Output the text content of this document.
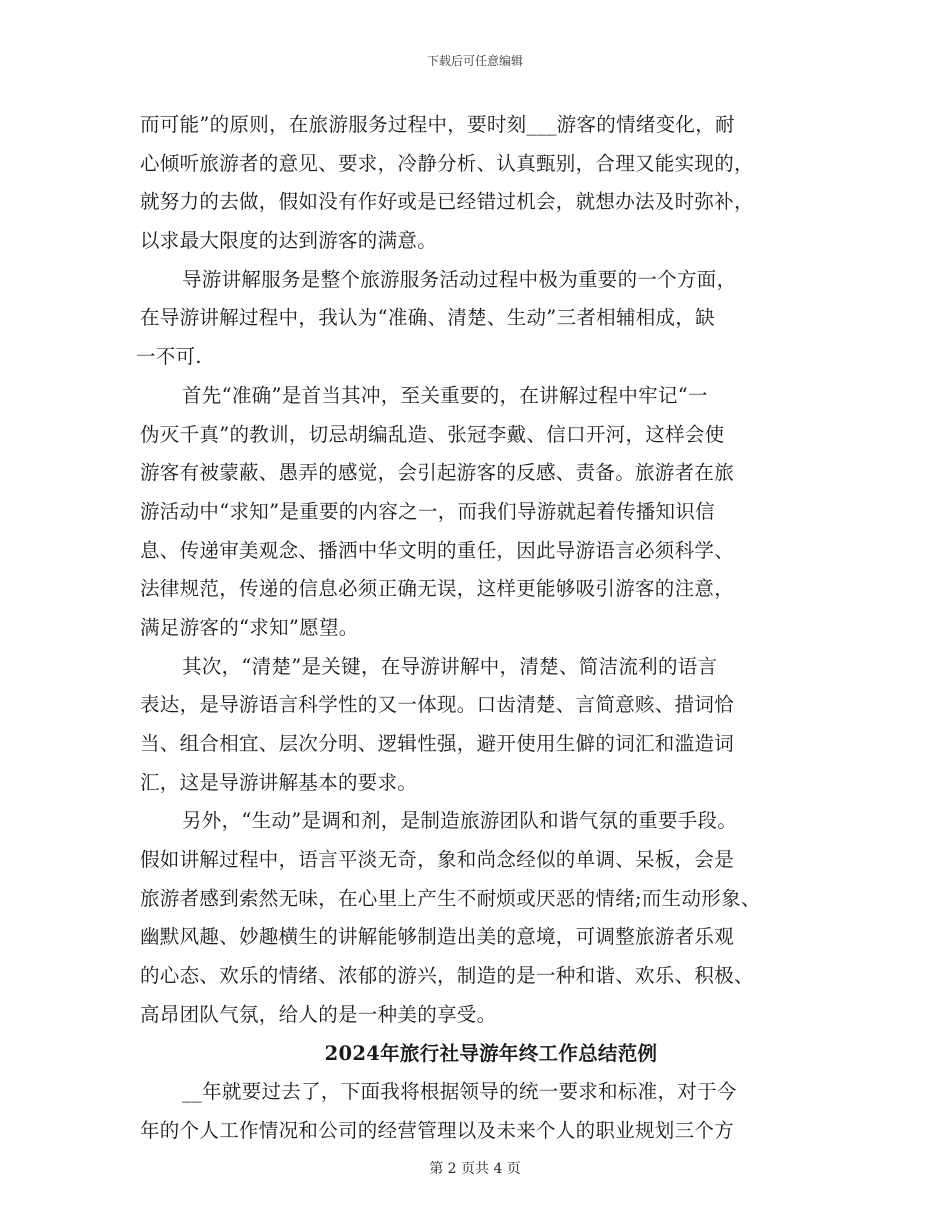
下载后可任意编辑
而可能”的原则，在旅游服务过程中，要时刻___游客的情绪变化，耐
心倾听旅游者的意见、要求，冷静分析、认真甄别，合理又能实现的，
就努力的去做，假如没有作好或是已经错过机会，就想办法及时弥补，
以求最大限度的达到游客的满意。
导游讲解服务是整个旅游服务活动过程中极为重要的一个方面，
在导游讲解过程中，我认为“准确、清楚、生动”三者相辅相成，缺
一不可.
首先“准确”是首当其冲，至关重要的，在讲解过程中牢记“一
伪灭千真”的教训，切忌胡编乱造、张冠李戴、信口开河，这样会使
游客有被蒙蔽、愚弄的感觉，会引起游客的反感、责备。旅游者在旅
游活动中“求知”是重要的内容之一，而我们导游就起着传播知识信
息、传递审美观念、播洒中华文明的重任，因此导游语言必须科学、
法律规范，传递的信息必须正确无误，这样更能够吸引游客的注意，
满足游客的“求知”愿望。
其次，“清楚”是关键，在导游讲解中，清楚、简洁流利的语言
表达，是导游语言科学性的又一体现。口齿清楚、言简意赅、措词恰
当、组合相宜、层次分明、逻辑性强，避开使用生僻的词汇和滥造词
汇，这是导游讲解基本的要求。
另外，“生动”是调和剂，是制造旅游团队和谐气氛的重要手段。
假如讲解过程中，语言平淡无奇，象和尚念经似的单调、呆板，会是
旅游者感到索然无味，在心里上产生不耐烦或厌恶的情绪;而生动形象、
幽默风趣、妙趣横生的讲解能够制造出美的意境，可调整旅游者乐观
的心态、欢乐的情绪、浓郁的游兴，制造的是一种和谐、欢乐、积极、
高昂团队气氛，给人的是一种美的享受。
2024年旅行社导游年终工作总结范例
__年就要过去了，下面我将根据领导的统一要求和标准，对于今
年的个人工作情况和公司的经营管理以及未来个人的职业规划三个方
第 2 页共 4 页
